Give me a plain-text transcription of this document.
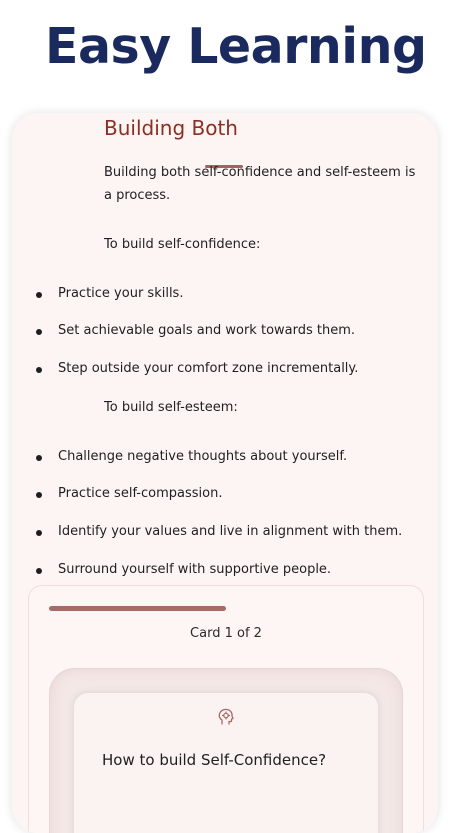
Easy Learning
Building Both
Building both self-confidence and self-esteem is a process.
To build self-confidence:
Practice your skills.
Set achievable goals and work towards them.
Step outside your comfort zone incrementally.
To build self-esteem:
Challenge negative thoughts about yourself.
Practice self-compassion.
Identify your values and live in alignment with them.
Surround yourself with supportive people.
Card 1 of 2
How to build Self-Confidence?
